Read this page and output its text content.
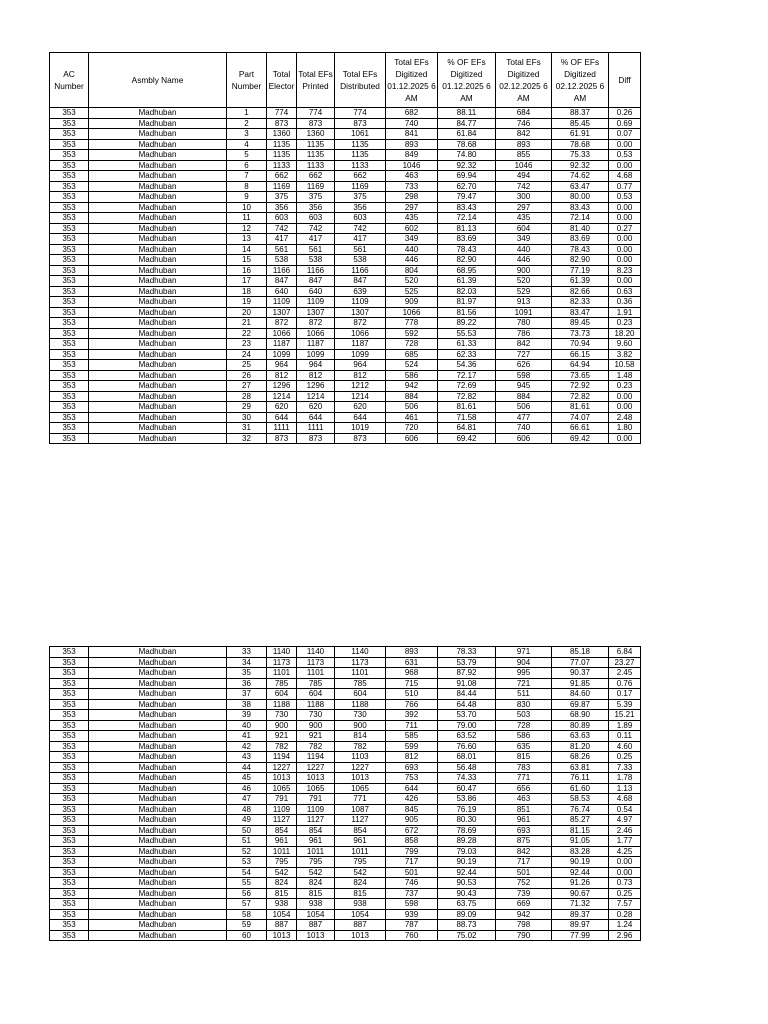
AC Number	Asmbly Name	Part Number	Total Elector	Total EFs Printed	Total EFs Distributed	Total EFs Digitized 01.12.2025 6 AM	% OF EFs Digitized 01.12.2025 6 AM	Total EFs Digitized 02.12.2025 6 AM	% OF EFs Digitized 02.12.2025 6 AM	Diff
353	Madhuban	1	774	774	774	682	88.11	684	88.37	0.26
353	Madhuban	2	873	873	873	740	84.77	746	85.45	0.69
353	Madhuban	3	1360	1360	1061	841	61.84	842	61.91	0.07
353	Madhuban	4	1135	1135	1135	893	78.68	893	78.68	0.00
353	Madhuban	5	1135	1135	1135	849	74.80	855	75.33	0.53
353	Madhuban	6	1133	1133	1133	1046	92.32	1046	92.32	0.00
353	Madhuban	7	662	662	662	463	69.94	494	74.62	4.68
353	Madhuban	8	1169	1169	1169	733	62.70	742	63.47	0.77
353	Madhuban	9	375	375	375	298	79.47	300	80.00	0.53
353	Madhuban	10	356	356	356	297	83.43	297	83.43	0.00
353	Madhuban	11	603	603	603	435	72.14	435	72.14	0.00
353	Madhuban	12	742	742	742	602	81.13	604	81.40	0.27
353	Madhuban	13	417	417	417	349	83.69	349	83.69	0.00
353	Madhuban	14	561	561	561	440	78.43	440	78.43	0.00
353	Madhuban	15	538	538	538	446	82.90	446	82.90	0.00
353	Madhuban	16	1166	1166	1166	804	68.95	900	77.19	8.23
353	Madhuban	17	847	847	847	520	61.39	520	61.39	0.00
353	Madhuban	18	640	640	639	525	82.03	529	82.66	0.63
353	Madhuban	19	1109	1109	1109	909	81.97	913	82.33	0.36
353	Madhuban	20	1307	1307	1307	1066	81.56	1091	83.47	1.91
353	Madhuban	21	872	872	872	778	89.22	780	89.45	0.23
353	Madhuban	22	1066	1066	1066	592	55.53	786	73.73	18.20
353	Madhuban	23	1187	1187	1187	728	61.33	842	70.94	9.60
353	Madhuban	24	1099	1099	1099	685	62.33	727	66.15	3.82
353	Madhuban	25	964	964	964	524	54.36	626	64.94	10.58
353	Madhuban	26	812	812	812	586	72.17	598	73.65	1.48
353	Madhuban	27	1296	1296	1212	942	72.69	945	72.92	0.23
353	Madhuban	28	1214	1214	1214	884	72.82	884	72.82	0.00
353	Madhuban	29	620	620	620	506	81.61	506	81.61	0.00
353	Madhuban	30	644	644	644	461	71.58	477	74.07	2.48
353	Madhuban	31	1111	1111	1019	720	64.81	740	66.61	1.80
353	Madhuban	32	873	873	873	606	69.42	606	69.42	0.00
353	Madhuban	33	1140	1140	1140	893	78.33	971	85.18	6.84
353	Madhuban	34	1173	1173	1173	631	53.79	904	77.07	23.27
353	Madhuban	35	1101	1101	1101	968	87.92	995	90.37	2.45
353	Madhuban	36	785	785	785	715	91.08	721	91.85	0.76
353	Madhuban	37	604	604	604	510	84.44	511	84.60	0.17
353	Madhuban	38	1188	1188	1188	766	64.48	830	69.87	5.39
353	Madhuban	39	730	730	730	392	53.70	503	68.90	15.21
353	Madhuban	40	900	900	900	711	79.00	728	80.89	1.89
353	Madhuban	41	921	921	814	585	63.52	586	63.63	0.11
353	Madhuban	42	782	782	782	599	76.60	635	81.20	4.60
353	Madhuban	43	1194	1194	1103	812	68.01	815	68.26	0.25
353	Madhuban	44	1227	1227	1227	693	56.48	783	63.81	7.33
353	Madhuban	45	1013	1013	1013	753	74.33	771	76.11	1.78
353	Madhuban	46	1065	1065	1065	644	60.47	656	61.60	1.13
353	Madhuban	47	791	791	771	426	53.86	463	58.53	4.68
353	Madhuban	48	1109	1109	1087	845	76.19	851	76.74	0.54
353	Madhuban	49	1127	1127	1127	905	80.30	961	85.27	4.97
353	Madhuban	50	854	854	854	672	78.69	693	81.15	2.46
353	Madhuban	51	961	961	961	858	89.28	875	91.05	1.77
353	Madhuban	52	1011	1011	1011	799	79.03	842	83.28	4.25
353	Madhuban	53	795	795	795	717	90.19	717	90.19	0.00
353	Madhuban	54	542	542	542	501	92.44	501	92.44	0.00
353	Madhuban	55	824	824	824	746	90.53	752	91.26	0.73
353	Madhuban	56	815	815	815	737	90.43	739	90.67	0.25
353	Madhuban	57	938	938	938	598	63.75	669	71.32	7.57
353	Madhuban	58	1054	1054	1054	939	89.09	942	89.37	0.28
353	Madhuban	59	887	887	887	787	88.73	798	89.97	1.24
353	Madhuban	60	1013	1013	1013	760	75.02	790	77.99	2.96
